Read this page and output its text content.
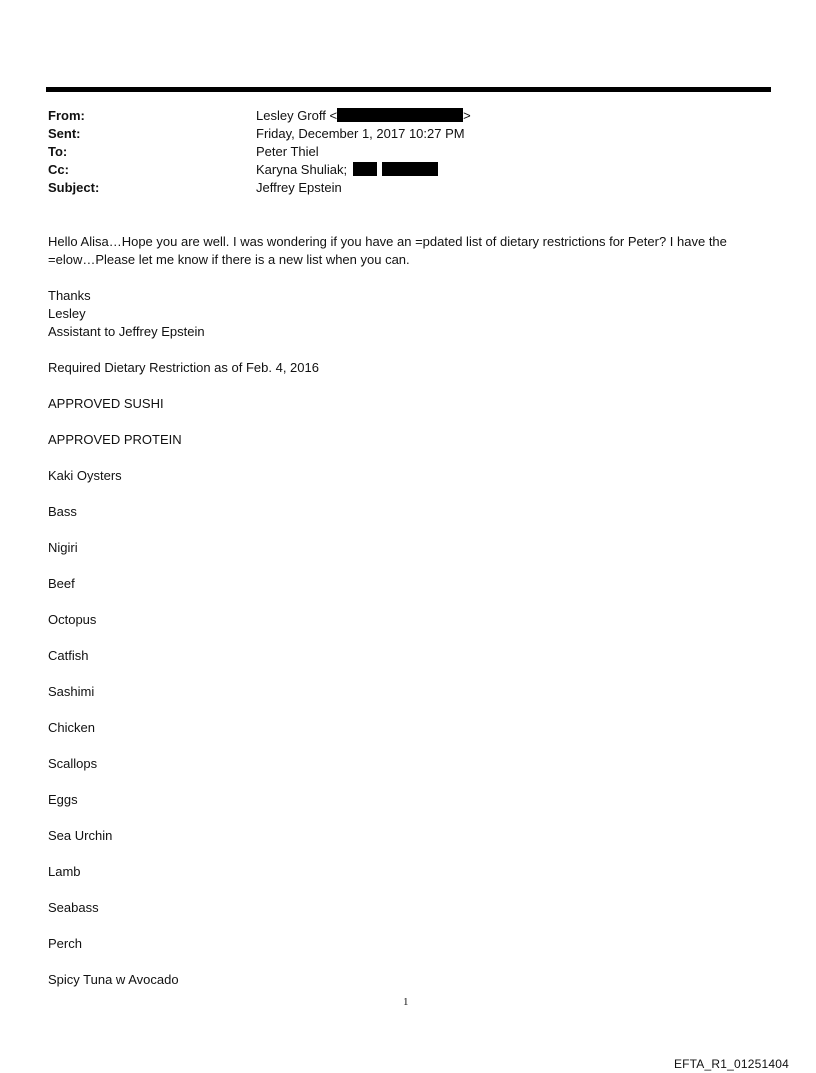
From:	Lesley Groff <	>
Sent:	Friday, December 1, 2017 10:27 PM
To:	Peter Thiel
Cc:	Karyna Shuliak;
Subject:	Jeffrey Epstein
Hello Alisa…Hope you are well. I was wondering if you have an =pdated list of dietary restrictions for Peter? I have the
=elow…Please let me know if there is a new list when you can.
Thanks
Lesley
Assistant to Jeffrey Epstein
Required Dietary Restriction as of Feb. 4, 2016
APPROVED SUSHI
APPROVED PROTEIN
Kaki Oysters
Bass
Nigiri
Beef
Octopus
Catfish
Sashimi
Chicken
Scallops
Eggs
Sea Urchin
Lamb
Seabass
Perch
Spicy Tuna w Avocado
1
EFTA_R1_01251404
